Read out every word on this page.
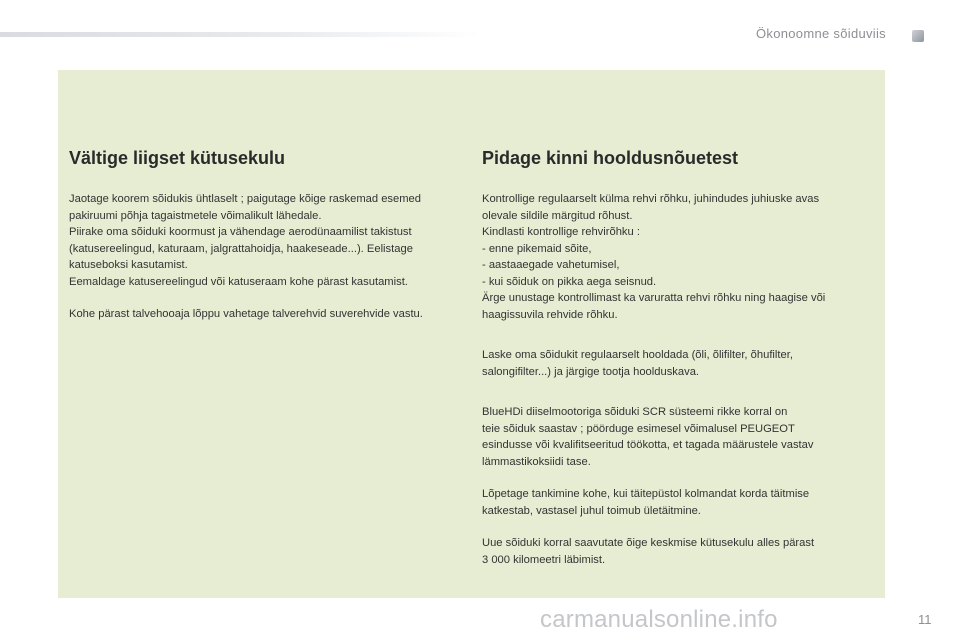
Ökonoomne sõiduviis
Vältige liigset kütusekulu

Jaotage koorem sõidukis ühtlaselt ; paigutage kõige raskemad esemed
pakiruumi põhja tagaistmetele võimalikult lähedale.
Piirake oma sõiduki koormust ja vähendage aerodünaamilist takistust
(katusereelingud, katuraam, jalgrattahoidja, haakeseade...). Eelistage
katuseboksi kasutamist.
Eemaldage katusereelingud või katuseraam kohe pärast kasutamist.

Kohe pärast talvehooaja lõppu vahetage talverehvid suverehvide vastu.

Pidage kinni hooldusnõuetest

Kontrollige regulaarselt külma rehvi rõhku, juhindudes juhiuske avas
olevale sildile märgitud rõhust.
Kindlasti kontrollige rehvirõhku :
- enne pikemaid sõite,
- aastaaegade vahetumisel,
- kui sõiduk on pikka aega seisnud.
Ärge unustage kontrollimast ka varuratta rehvi rõhku ning haagise või
haagissuvila rehvide rõhku.

Laske oma sõidukit regulaarselt hooldada (õli, õlifilter, õhufilter,
salongifilter...) ja järgige tootja hoolduskava.

BlueHDi diiselmootoriga sõiduki SCR süsteemi rikke korral on
teie sõiduk saastav ; pöörduge esimesel võimalusel PEUGEOT
esindusse või kvalifitseeritud töökotta, et tagada määrustele vastav
lämmastikoksiidi tase.

Lõpetage tankimine kohe, kui täitepüstol kolmandat korda täitmise
katkestab, vastasel juhul toimub ületäitmine.

Uue sõiduki korral saavutate õige keskmise kütusekulu alles pärast
3 000 kilomeetri läbimist.

carmanualsonline.info	11
